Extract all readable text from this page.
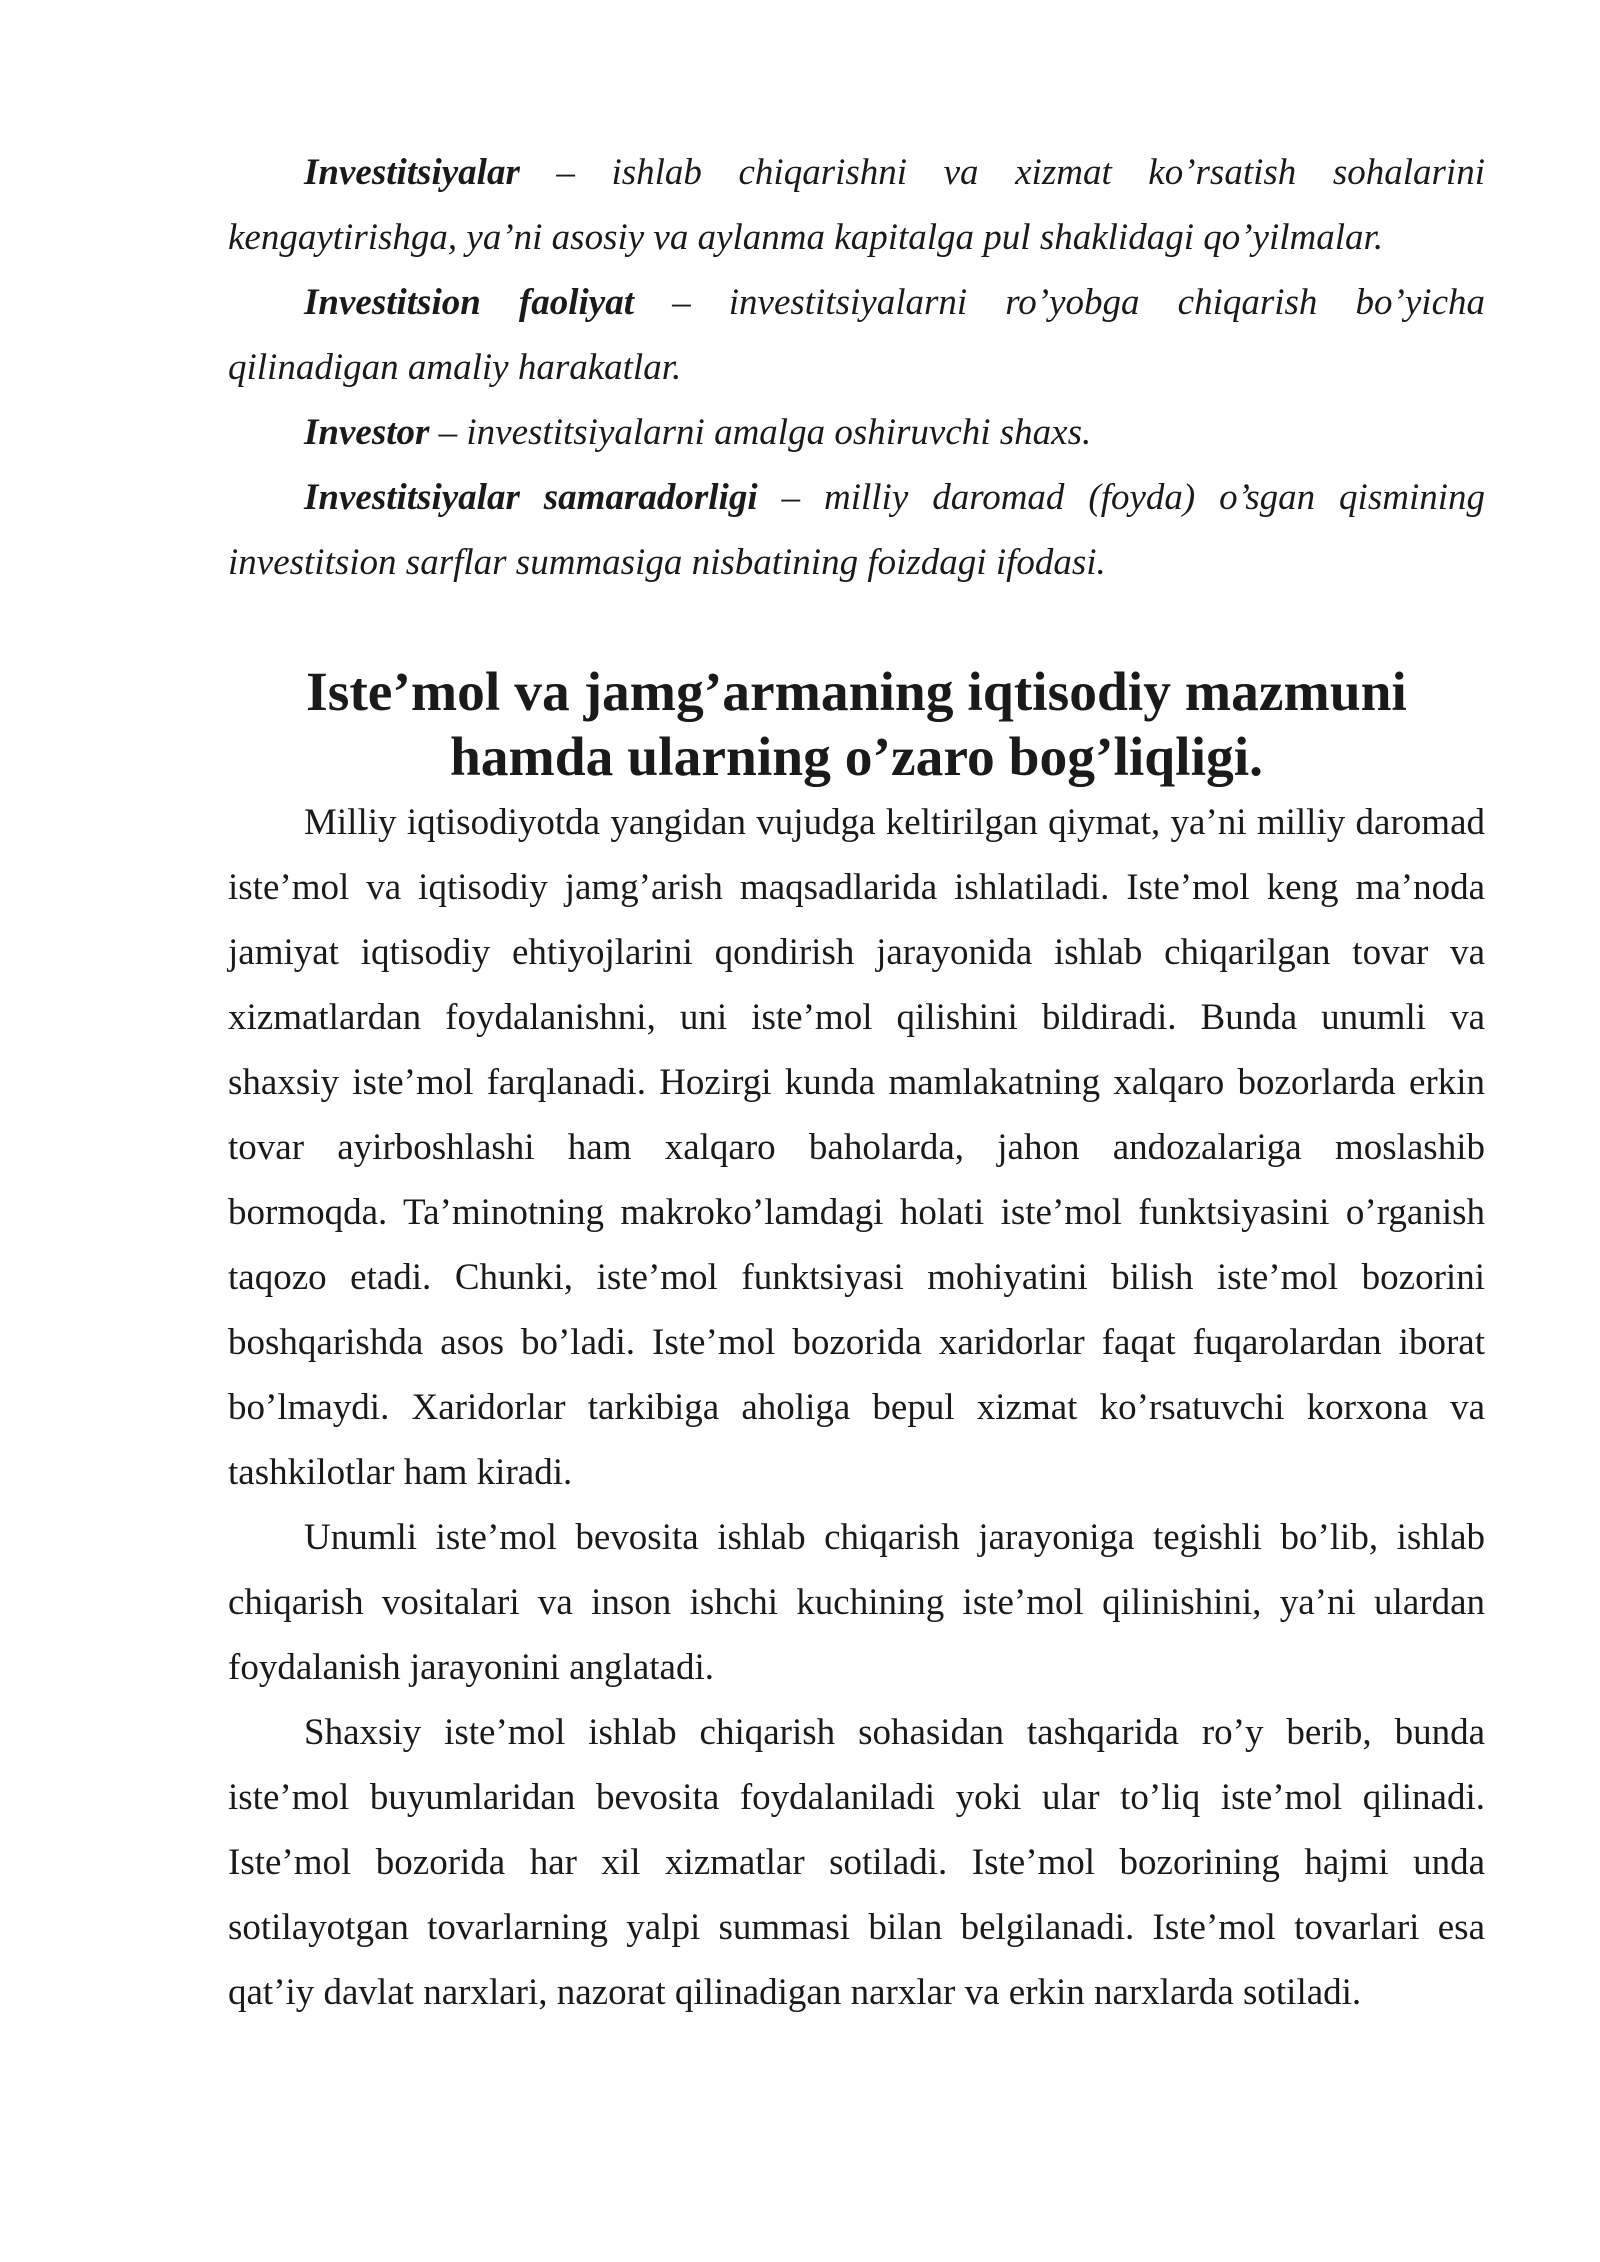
Investitsiyalar – ishlab chiqarishni va xizmat ko’rsatish sohalarini kengaytirishga, ya’ni asosiy va aylanma kapitalga pul shaklidagi qo’yilmalar.

Investitsion faoliyat – investitsiyalarni ro’yobga chiqarish bo’yicha qilinadigan amaliy harakatlar.

Investor – investitsiyalarni amalga oshiruvchi shaxs.

Investitsiyalar samaradorligi – milliy daromad (foyda) o’sgan qismining investitsion sarflar summasiga nisbatining foizdagi ifodasi.

Iste’mol va jamg’armaning iqtisodiy mazmuni hamda ularning o’zaro bog’liqligi.

Milliy iqtisodiyotda yangidan vujudga keltirilgan qiymat, ya’ni milliy daromad iste’mol va iqtisodiy jamg’arish maqsadlarida ishlatiladi. Iste’mol keng ma’noda jamiyat iqtisodiy ehtiyojlarini qondirish jarayonida ishlab chiqarilgan tovar va xizmatlardan foydalanishni, uni iste’mol qilishini bildiradi. Bunda unumli va shaxsiy iste’mol farqlanadi. Hozirgi kunda mamlakatning xalqaro bozorlarda erkin tovar ayirboshlashi ham xalqaro baholarda, jahon andozalariga moslashib bormoqda. Ta’minotning makroko’lamdagi holati iste’mol funktsiyasini o’rganish taqozo etadi. Chunki, iste’mol funktsiyasi mohiyatini bilish iste’mol bozorini boshqarishda asos bo’ladi. Iste’mol bozorida xaridorlar faqat fuqarolardan iborat bo’lmaydi. Xaridorlar tarkibiga aholiga bepul xizmat ko’rsatuvchi korxona va tashkilotlar ham kiradi.

Unumli iste’mol bevosita ishlab chiqarish jarayoniga tegishli bo’lib, ishlab chiqarish vositalari va inson ishchi kuchining iste’mol qilinishini, ya’ni ulardan foydalanish jarayonini anglatadi.

Shaxsiy iste’mol ishlab chiqarish sohasidan tashqarida ro’y berib, bunda iste’mol buyumlaridan bevosita foydalaniladi yoki ular to’liq iste’mol qilinadi. Iste’mol bozorida har xil xizmatlar sotiladi. Iste’mol bozorining hajmi unda sotilayotgan tovarlarning yalpi summasi bilan belgilanadi. Iste’mol tovarlari esa qat’iy davlat narxlari, nazorat qilinadigan narxlar va erkin narxlarda sotiladi.
